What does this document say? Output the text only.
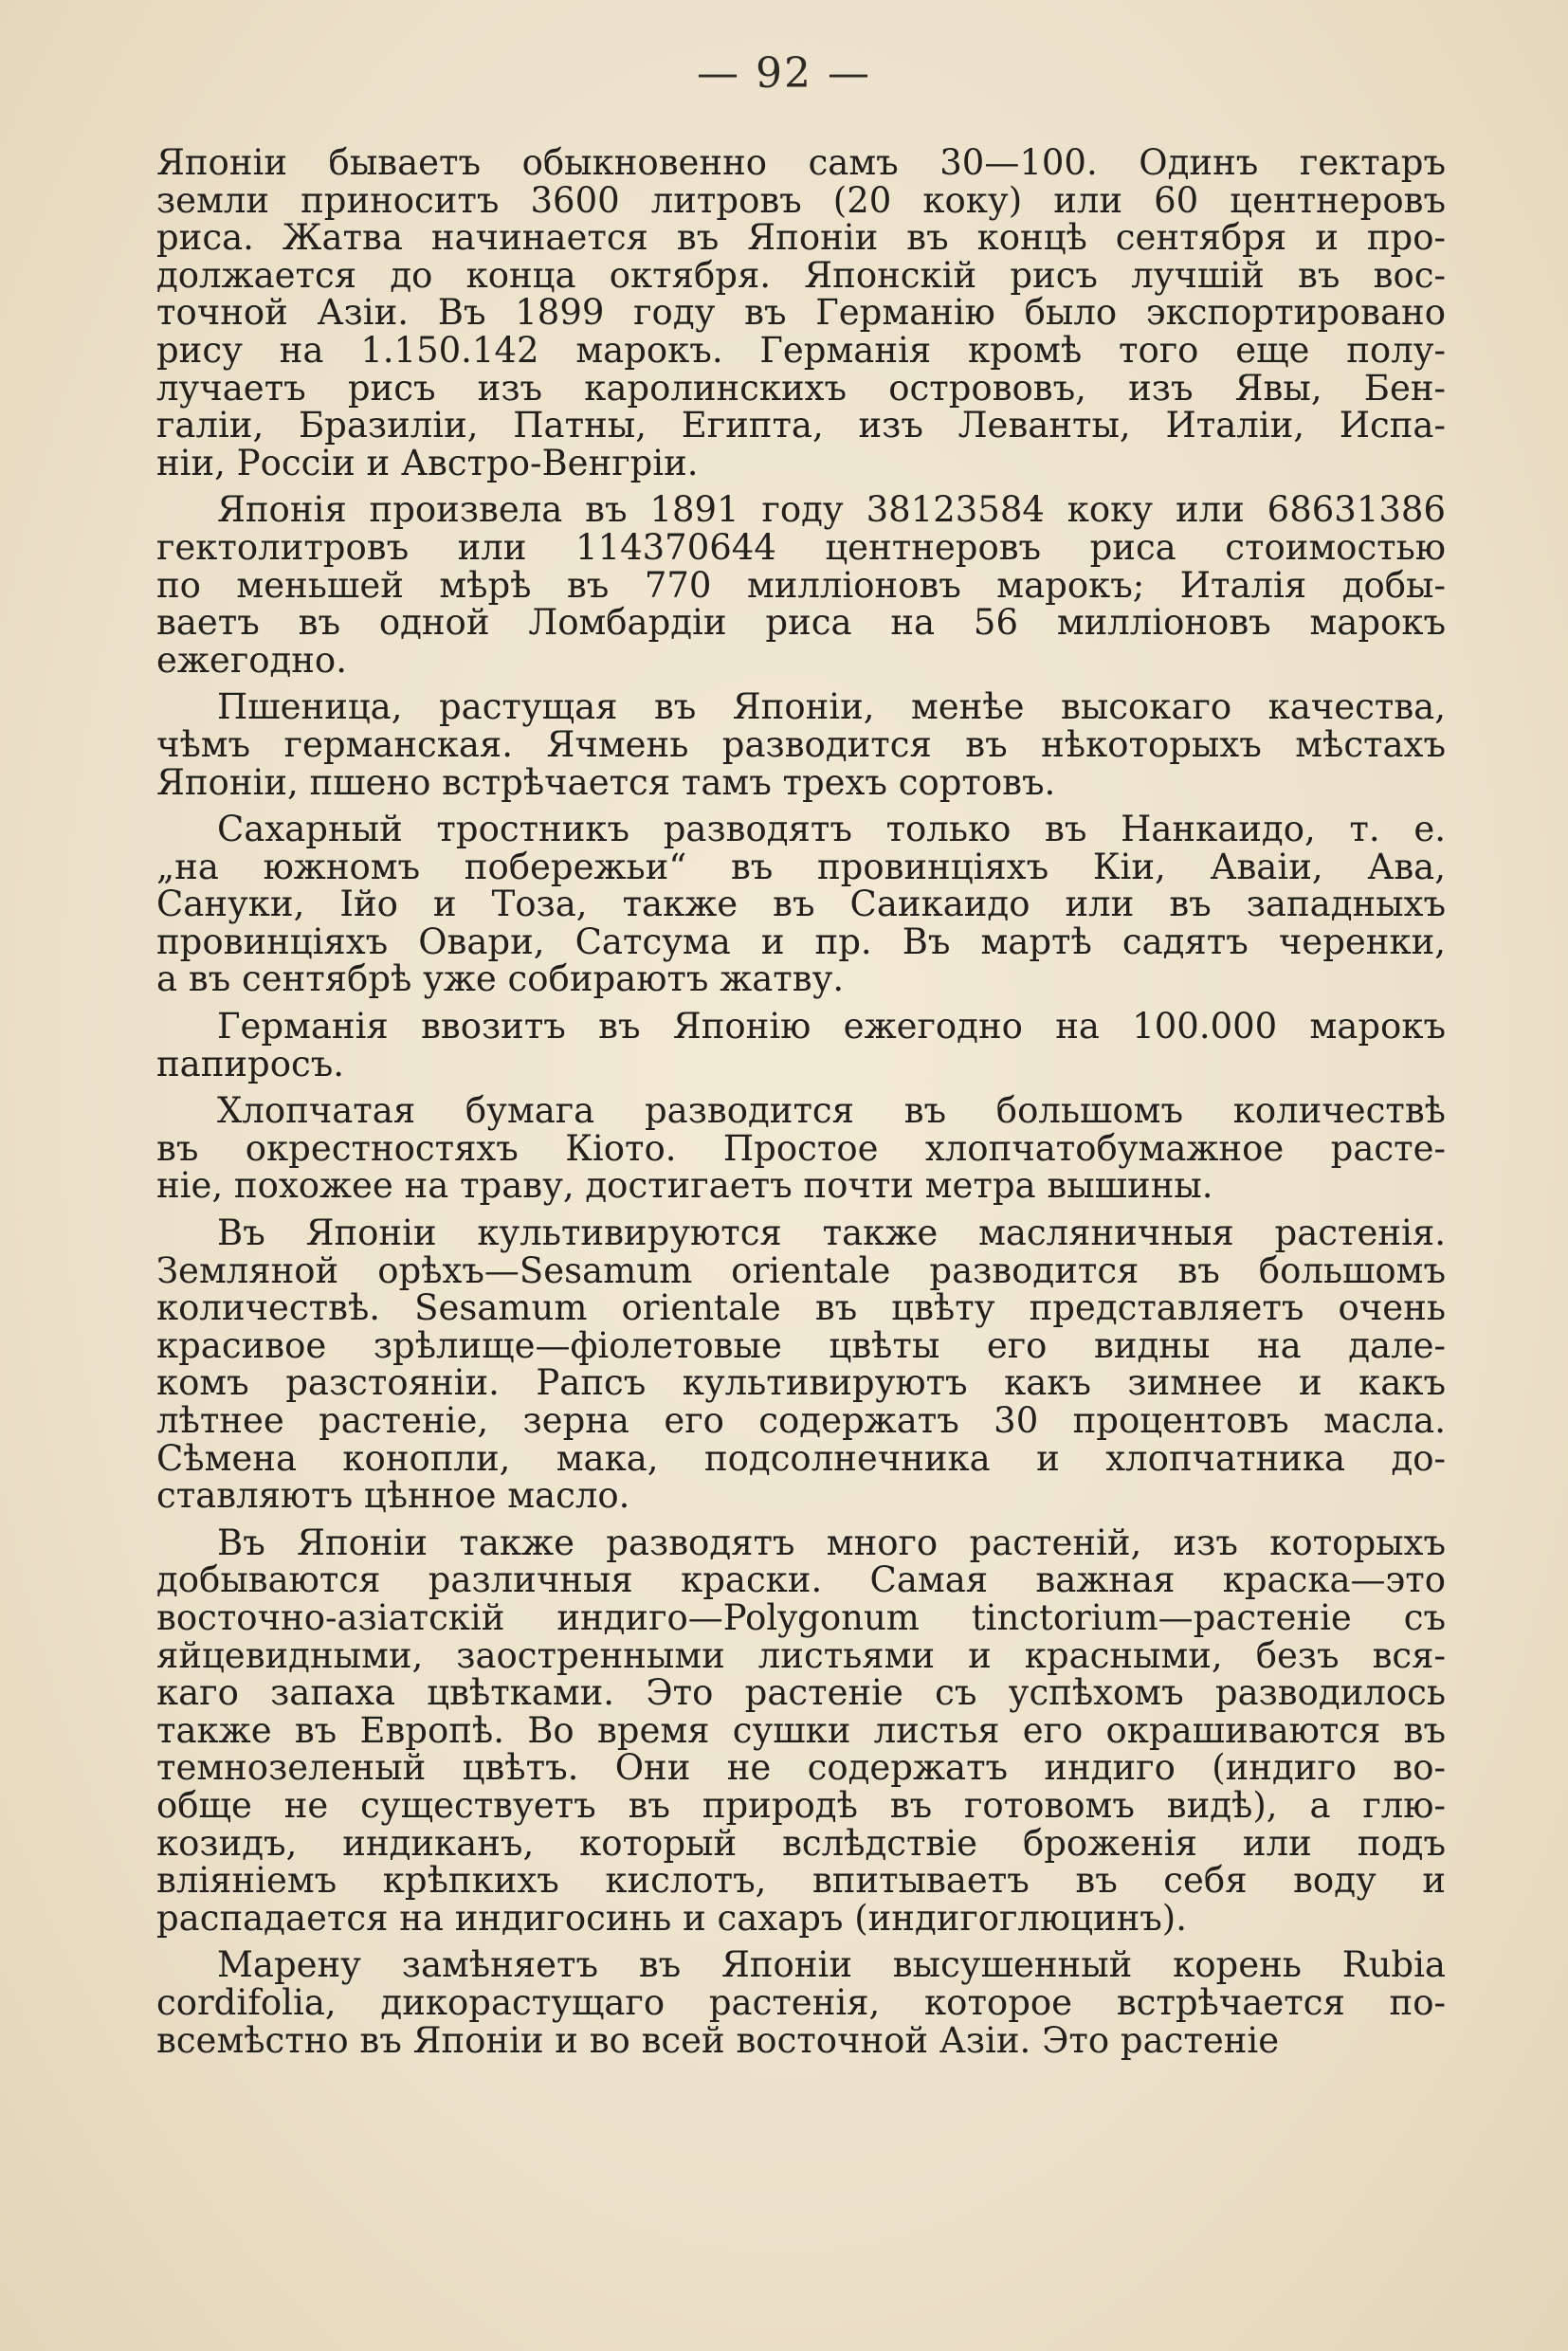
— 92 —
Японіи бываетъ обыкновенно самъ 30—100. Одинъ гектаръ
земли приноситъ 3600 литровъ (20 коку) или 60 центнеровъ
риса. Жатва начинается въ Японіи въ концѣ сентября и про-
должается до конца октября. Японскій рисъ лучшій въ вос-
точной Азіи. Въ 1899 году въ Германію было экспортировано
рису на 1.150.142 марокъ. Германія кромѣ того еще полу-
лучаетъ рисъ изъ каролинскихъ острововъ, изъ Явы, Бен-
галіи, Бразиліи, Патны, Египта, изъ Леванты, Италіи, Испа-
ніи, Россіи и Австро-Венгріи.
Японія произвела въ 1891 году 38123584 коку или 68631386
гектолитровъ или 114370644 центнеровъ риса стоимостью
по меньшей мѣрѣ въ 770 милліоновъ марокъ; Италія добы-
ваетъ въ одной Ломбардіи риса на 56 милліоновъ марокъ
ежегодно.
Пшеница, растущая въ Японіи, менѣе высокаго качества,
чѣмъ германская. Ячмень разводится въ нѣкоторыхъ мѣстахъ
Японіи, пшено встрѣчается тамъ трехъ сортовъ.
Сахарный тростникъ разводятъ только въ Нанкаидо, т. е.
„на южномъ побережьи“ въ провинціяхъ Кіи, Аваіи, Ава,
Сануки, Ійо и Тоза, также въ Саикаидо или въ западныхъ
провинціяхъ Овари, Сатсума и пр. Въ мартѣ садятъ черенки,
а въ сентябрѣ уже собираютъ жатву.
Германія ввозитъ въ Японію ежегодно на 100.000 марокъ
папиросъ.
Хлопчатая бумага разводится въ большомъ количествѣ
въ окрестностяхъ Кіото. Простое хлопчатобумажное расте-
ніе, похожее на траву, достигаетъ почти метра вышины.
Въ Японіи культивируются также масляничныя растенія.
Земляной орѣхъ—Sesamum orientale разводится въ большомъ
количествѣ. Sesamum orientale въ цвѣту представляетъ очень
красивое зрѣлище—фіолетовые цвѣты его видны на далe-
комъ разстояніи. Рапсъ культивируютъ какъ зимнее и какъ
лѣтнее растеніе, зерна его содержатъ 30 процентовъ масла.
Сѣмена конопли, мака, подсолнечника и хлопчатника до-
ставляютъ цѣнное масло.
Въ Японіи также разводятъ много растеній, изъ которыхъ
добываются различныя краски. Самая важная краска—это
восточно-азіатскій индиго—Polygonum tinctorium—растеніе съ
яйцевидными, заостренными листьями и красными, безъ вся-
каго запаха цвѣтками. Это растеніе съ успѣхомъ разводилось
также въ Европѣ. Во время сушки листья его окрашиваются въ
темнозеленый цвѣтъ. Они не содержатъ индиго (индиго во-
обще не существуетъ въ природѣ въ готовомъ видѣ), а глю-
козидъ, индиканъ, который вслѣдствіе броженія или подъ
вліяніемъ крѣпкихъ кислотъ, впитываетъ въ себя воду и
распадается на индигосинь и сахаръ (индигоглюцинъ).
Марену замѣняетъ въ Японіи высушенный корень Rubia
cordifolia, дикорастущаго растенія, которое встрѣчается по-
всемѣстно въ Японіи и во всей восточной Азіи. Это растеніе
